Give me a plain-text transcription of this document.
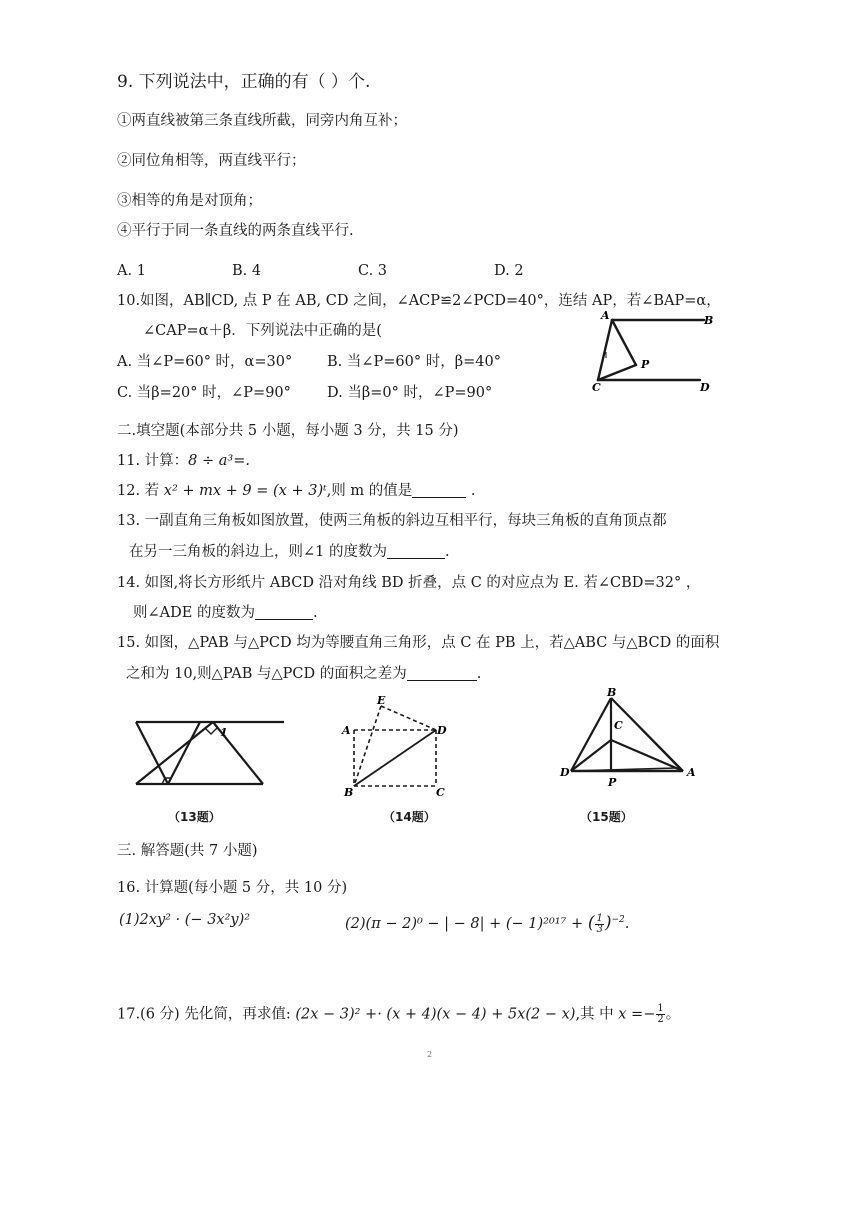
9. 下列说法中，正确的有（ ）个.
①两直线被第三条直线所截，同旁内角互补；
②同位角相等，两直线平行；
③相等的角是对顶角；
④平行于同一条直线的两条直线平行.
A. 1	B. 4	C. 3	D. 2
10.如图，AB∥CD, 点 P 在 AB, CD 之间，∠ACP≌2∠PCD=40°，连结 AP，若∠BAP=α，
∠CAP=α＋β．下列说法中正确的是(
A. 当∠P=60° 时，α=30° B. 当∠P=60° 时，β=40°
C. 当β=20° 时，∠P=90° D. 当β=0° 时，∠P=90°
A	B
C	D
P
二.填空题(本部分共 5 小题，每小题 3 分，共 15 分)
11. 计算：8 ÷ a³=.
12. 若 x² + mx + 9 = (x + 3)ᵗ,则 m 的值是	.
13. 一副直角三角板如图放置，使两三角板的斜边互相平行，每块三角板的直角顶点都
在另一三角板的斜边上，则∠1 的度数为	.
14. 如图,将长方形纸片 ABCD 沿对角线 BD 折叠，点 C 的对应点为 E. 若∠CBD=32° ，
则∠ADE 的度数为	.
15. 如图，△PAB 与△PCD 均为等腰直角三角形，点 C 在 PB 上，若△ABC 与△BCD 的面积
之和为 10,则△PAB 与△PCD 的面积之差为	.
1	A
E
D
B	C
B
C
D	A
P
（13题）	（14题）	（15题）
三. 解答题(共 7 小题)
16. 计算题(每小题 5 分，共 10 分)
(1)2xy² · (− 3x²y)²	(2)(π − 2)⁰ − | − 8| + (− 1)²⁰¹⁷ + ( $\frac{1}{3} )^{-2}$.
17.(6 分) 先化简，再求值: (2x − 3)² +· (x + 4)(x − 4) + 5x(2 − x),其 中 $x =- \frac{1}{2}$ 。
2
